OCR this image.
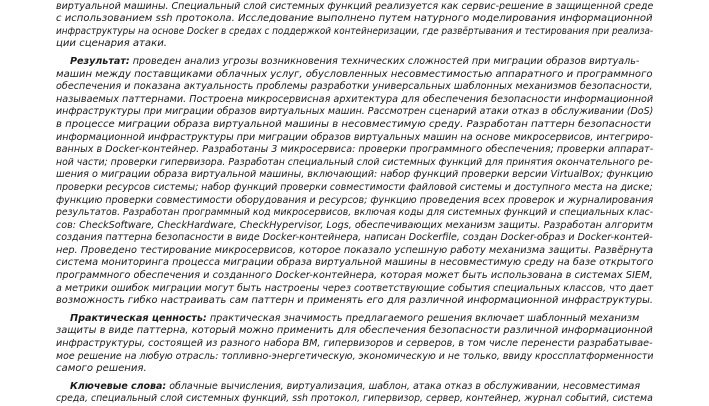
виртуальной машины. Специальный слой системных функций реализуется как сервис-решение в защищенной среде
с использованием ssh протокола. Исследование выполнено путем натурного моделирования информационной
инфраструктуры на основе Docker в средах с поддержкой контейнеризации, где развёртывания и тестирования при реализа-
ции сценария атаки.
Результат: проведен анализ угрозы возникновения технических сложностей при миграции образов виртуаль-
машин между поставщиками облачных услуг, обусловленных несовместимостью аппаратного и программного
обеспечения и показана актуальность проблемы разработки универсальных шаблонных механизмов безопасности,
называемых паттернами. Построена микросервисная архитектура для обеспечения безопасности информационной
инфраструктуры при миграции образов виртуальных машин. Рассмотрен сценарий атаки отказ в обслуживании (DoS)
в процессе миграции образа виртуальной машины в несовместимую среду. Разработан паттерн безопасности
информационной инфраструктуры при миграции образов виртуальных машин на основе микросервисов, интегриро-
ванных в Docker-контейнер. Разработаны 3 микросервиса: проверки программного обеспечения; проверки аппарат-
ной части; проверки гипервизора. Разработан специальный слой системных функций для принятия окончательного ре-
шения о миграции образа виртуальной машины, включающий: набор функций проверки версии VirtualBox; функцию
проверки ресурсов системы; набор функций проверки совместимости файловой системы и доступного места на диске;
функцию проверки совместимости оборудования и ресурсов; функцию проведения всех проверок и журналирования
результатов. Разработан программный код микросервисов, включая коды для системных функций и специальных клас-
сов: CheckSoftware, CheckHardware, CheckHypervisor, Logs, обеспечивающих механизм защиты. Разработан алгоритм
создания паттерна безопасности в виде Docker-контейнера, написан Dockerfile, создан Docker-образ и Docker-контей-
нер. Проведено тестирование микросервисов, которое показало успешную работу механизма защиты. Развёрнута
система мониторинга процесса миграции образа виртуальной машины в несовместимую среду на базе открытого
программного обеспечения и созданного Docker-контейнера, которая может быть использована в системах SIEM,
а метрики ошибок миграции могут быть настроены через соответствующие события специальных классов, что дает
возможность гибко настраивать сам паттерн и применять его для различной информационной инфраструктуры.
Практическая ценность: практическая значимость предлагаемого решения включает шаблонный механизм
защиты в виде паттерна, который можно применить для обеспечения безопасности различной информационной
инфраструктуры, состоящей из разного набора ВМ, гипервизоров и серверов, в том числе перенести разрабатывае-
мое решение на любую отрасль: топливно-энергетическую, экономическую и не только, ввиду кроссплатформенности
самого решения.
Ключевые слова: облачные вычисления, виртуализация, шаблон, атака отказ в обслуживании, несовместимая
среда, специальный слой системных функций, ssh протокол, гипервизор, сервер, контейнер, журнал событий, система
